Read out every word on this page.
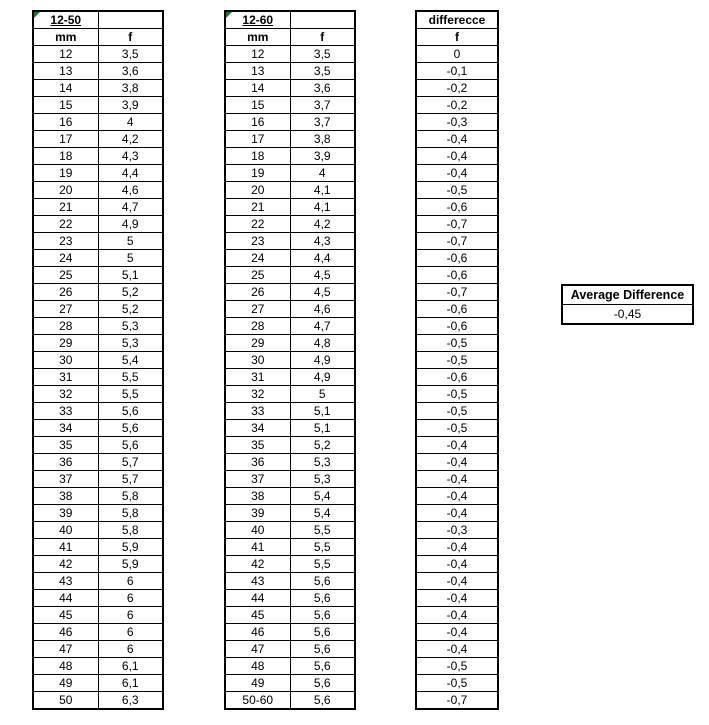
12-50	
mm	f
12	3,5
13	3,6
14	3,8
15	3,9
16	4
17	4,2
18	4,3
19	4,4
20	4,6
21	4,7
22	4,9
23	5
24	5
25	5,1
26	5,2
27	5,2
28	5,3
29	5,3
30	5,4
31	5,5
32	5,5
33	5,6
34	5,6
35	5,6
36	5,7
37	5,7
38	5,8
39	5,8
40	5,8
41	5,9
42	5,9
43	6
44	6
45	6
46	6
47	6
48	6,1
49	6,1
50	6,3
12-60	
mm	f
12	3,5
13	3,5
14	3,6
15	3,7
16	3,7
17	3,8
18	3,9
19	4
20	4,1
21	4,1
22	4,2
23	4,3
24	4,4
25	4,5
26	4,5
27	4,6
28	4,7
29	4,8
30	4,9
31	4,9
32	5
33	5,1
34	5,1
35	5,2
36	5,3
37	5,3
38	5,4
39	5,4
40	5,5
41	5,5
42	5,5
43	5,6
44	5,6
45	5,6
46	5,6
47	5,6
48	5,6
49	5,6
50-60	5,6
differecce
f
0
-0,1
-0,2
-0,2
-0,3
-0,4
-0,4
-0,4
-0,5
-0,6
-0,7
-0,7
-0,6
-0,6
-0,7
-0,6
-0,6
-0,5
-0,5
-0,6
-0,5
-0,5
-0,5
-0,4
-0,4
-0,4
-0,4
-0,4
-0,3
-0,4
-0,4
-0,4
-0,4
-0,4
-0,4
-0,4
-0,5
-0,5
-0,7
Average Difference
-0,45
